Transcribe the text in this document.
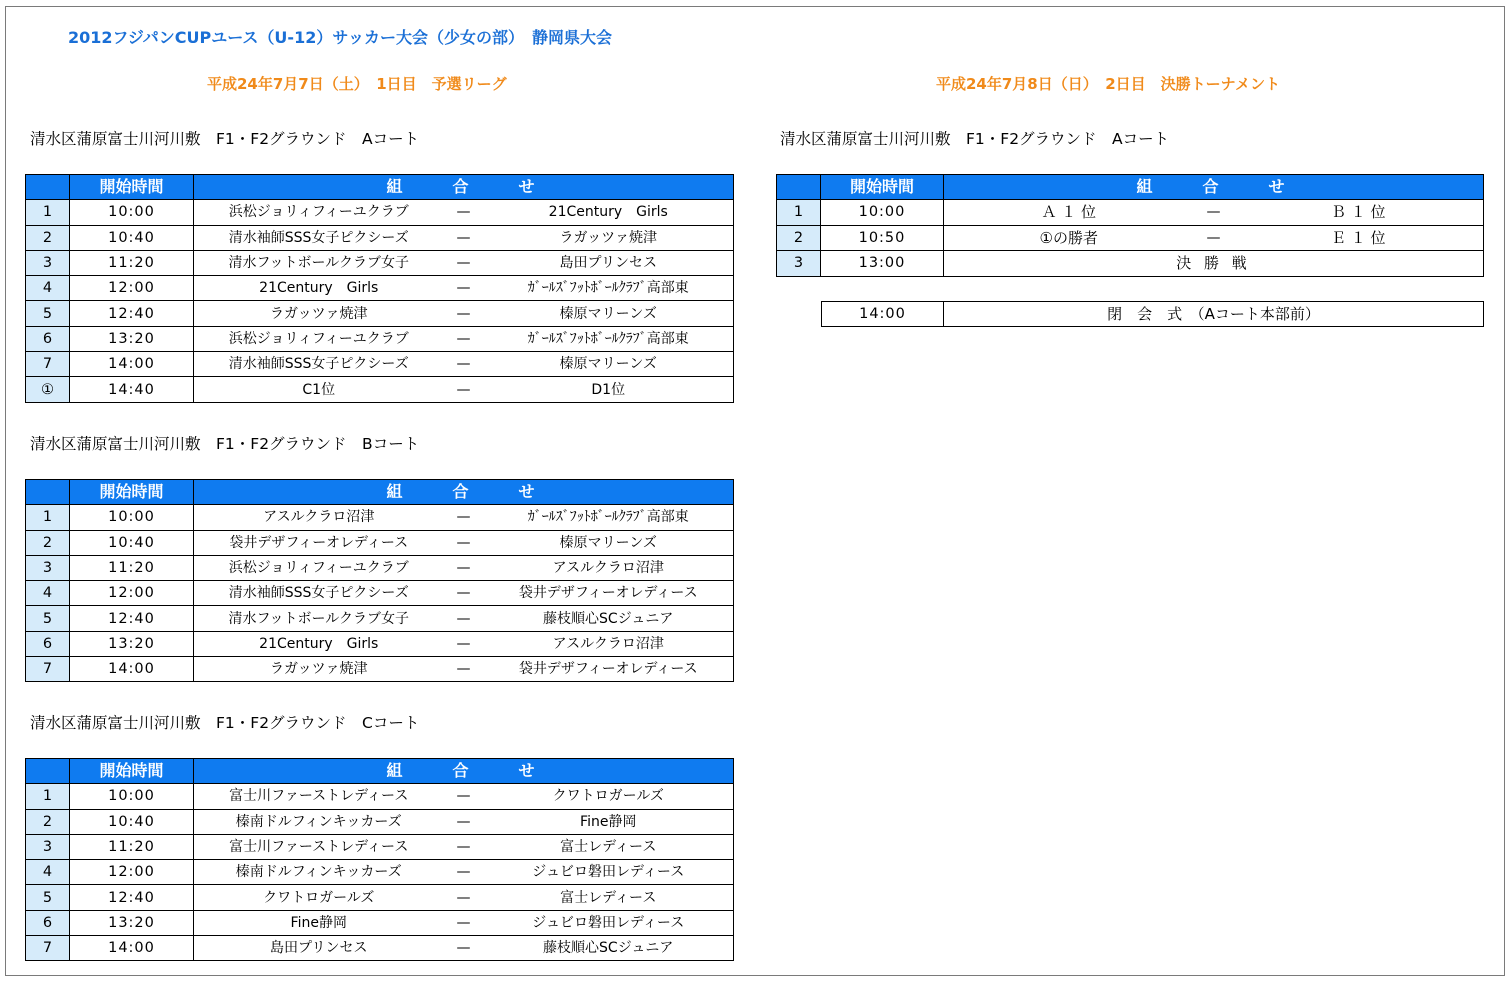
2012フジパンCUPユース（U-12）サッカー大会（少女の部）　静岡県大会
平成24年7月7日（土）　1日目　予選リーグ	平成24年7月8日（日）　2日目　決勝トーナメント
清水区蒲原富士川河川敷　F1・F2グラウンド　Aコート
	開始時間	組　　合　　せ
1	10:00	浜松ジョリィフィーユクラブ — 21Century　Girls

2	10:40	清水袖師SSS女子ピクシーズ — ラガッツァ焼津

3	11:20	清水フットボールクラブ女子 — 島田プリンセス

4	12:00	21Century　Girls — ｶﾞｰﾙｽﾞﾌｯﾄﾎﾞｰﾙｸﾗﾌﾞ高部東

5	12:40	ラガッツァ焼津 — 榛原マリーンズ

6	13:20	浜松ジョリィフィーユクラブ — ｶﾞｰﾙｽﾞﾌｯﾄﾎﾞｰﾙｸﾗﾌﾞ高部東

7	14:00	清水袖師SSS女子ピクシーズ — 榛原マリーンズ

①	14:40	C1位 — D1位
清水区蒲原富士川河川敷　F1・F2グラウンド　Bコート
	開始時間	組　　合　　せ
1	10:00	アスルクラロ沼津 — ｶﾞｰﾙｽﾞﾌｯﾄﾎﾞｰﾙｸﾗﾌﾞ高部東

2	10:40	袋井デザフィーオレディース — 榛原マリーンズ

3	11:20	浜松ジョリィフィーユクラブ — アスルクラロ沼津

4	12:00	清水袖師SSS女子ピクシーズ — 袋井デザフィーオレディース

5	12:40	清水フットボールクラブ女子 — 藤枝順心SCジュニア

6	13:20	21Century　Girls — アスルクラロ沼津

7	14:00	ラガッツァ焼津 — 袋井デザフィーオレディース
清水区蒲原富士川河川敷　F1・F2グラウンド　Cコート
	開始時間	組　　合　　せ
1	10:00	富士川ファーストレディース — クワトロガールズ

2	10:40	榛南ドルフィンキッカーズ — Fine静岡

3	11:20	富士川ファーストレディース — 富士レディース

4	12:00	榛南ドルフィンキッカーズ — ジュビロ磐田レディース

5	12:40	クワトロガールズ — 富士レディース

6	13:20	Fine静岡 — ジュビロ磐田レディース

7	14:00	島田プリンセス — 藤枝順心SCジュニア
清水区蒲原富士川河川敷　F1・F2グラウンド　Aコート
	開始時間	組　　合　　せ
1	10:00	Ａ １ 位 — Ｂ １ 位

2	10:50	①の勝者 — Ｅ １ 位

3	13:00	決 勝 戦
14:00	閉　会　式　（Aコート本部前）
